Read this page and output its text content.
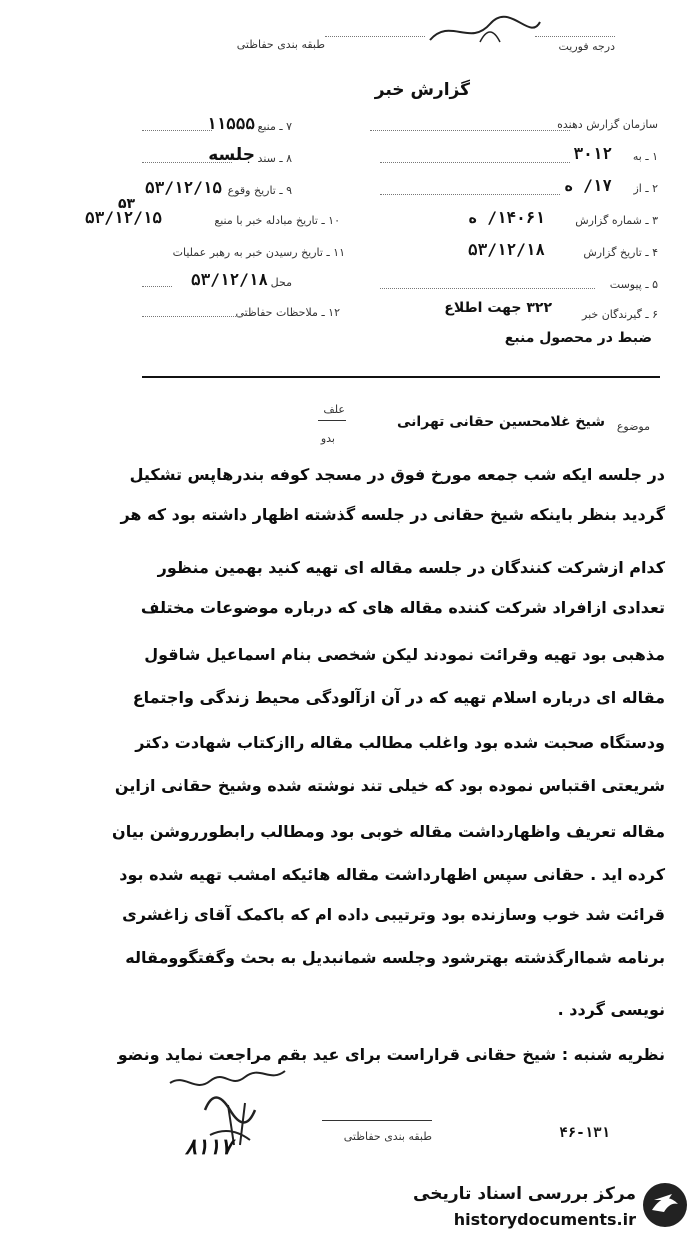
درجه فوریت
طبقه بندی حفاظتی
گزارش خبر
سازمان گزارش دهنده
۱ ـ به
۳۰۱۲
۲ ـ از
۱۷/ ه
۳ ـ شماره گزارش
۱۴۰۶۱/ ه
۴ ـ تاریخ گزارش
۵۳/۱۲/۱۸
۵ ـ پیوست
۶ ـ گیرندگان خبر
۳۲۲ جهت اطلاع
ضبط در محصول منبع
۷ ـ منبع
۱۱۵۵۵
۸ ـ سند
جلسه
۹ ـ تاریخ وقوع
۵۳/۱۲/۱۵
۱۰ ـ تاریخ مبادله خبر با منبع
۵۳/۱۲/۱۵
۵۳
۱۱ ـ تاریخ رسیدن خبر به رهبر عملیات
محل
۵۳/۱۲/۱۸
۱۲ ـ ملاحظات حفاظتی
موضوع
شیخ غلامحسین حقانی تهرانی
علف
بدو
در جلسه ایکه شب جمعه مورخ فوق در مسجد کوفه بندرهاپس تشکیل
گردید بنظر باینکه شیخ حقانی در جلسه گذشته اظهار داشته بود که هر
کدام ازشرکت کنندگان در جلسه مقاله ای تهیه کنید بهمین منظور
تعدادی ازافراد شرکت کننده مقاله های که درباره موضوعات مختلف
مذهبی بود تهیه وقرائت نمودند لیکن شخصی بنام اسماعیل شاقول
مقاله ای درباره اسلام تهیه که در آن ازآلودگی محیط زندگی واجتماع
ودستگاه صحبت شده بود واغلب مطالب مقاله راازکتاب شهادت دکتر
شریعتی اقتباس نموده بود که خیلی تند نوشته شده وشیخ حقانی ازاین
مقاله تعریف واظهارداشت مقاله خوبی بود ومطالب رابطورروشن بیان
کرده اید . حقانی سپس اظهارداشت مقاله هائیکه امشب تهیه شده بود
قرائت شد خوب وسازنده بود وترتیبی داده ام که باکمک آقای زاغشری
برنامه شماارگذشته بهترشود وجلسه شمانبدیل به بحث وگفتگوومقاله
نویسی گردد .
نظریه شنبه : شیخ حقانی قراراست برای عید بقم مراجعت نماید ونضو
۸۱۱۷	طبقه بندی حفاظتی	۴۶-۱۳۱
مرکز بررسی اسناد تاریخی
historydocuments.ir
